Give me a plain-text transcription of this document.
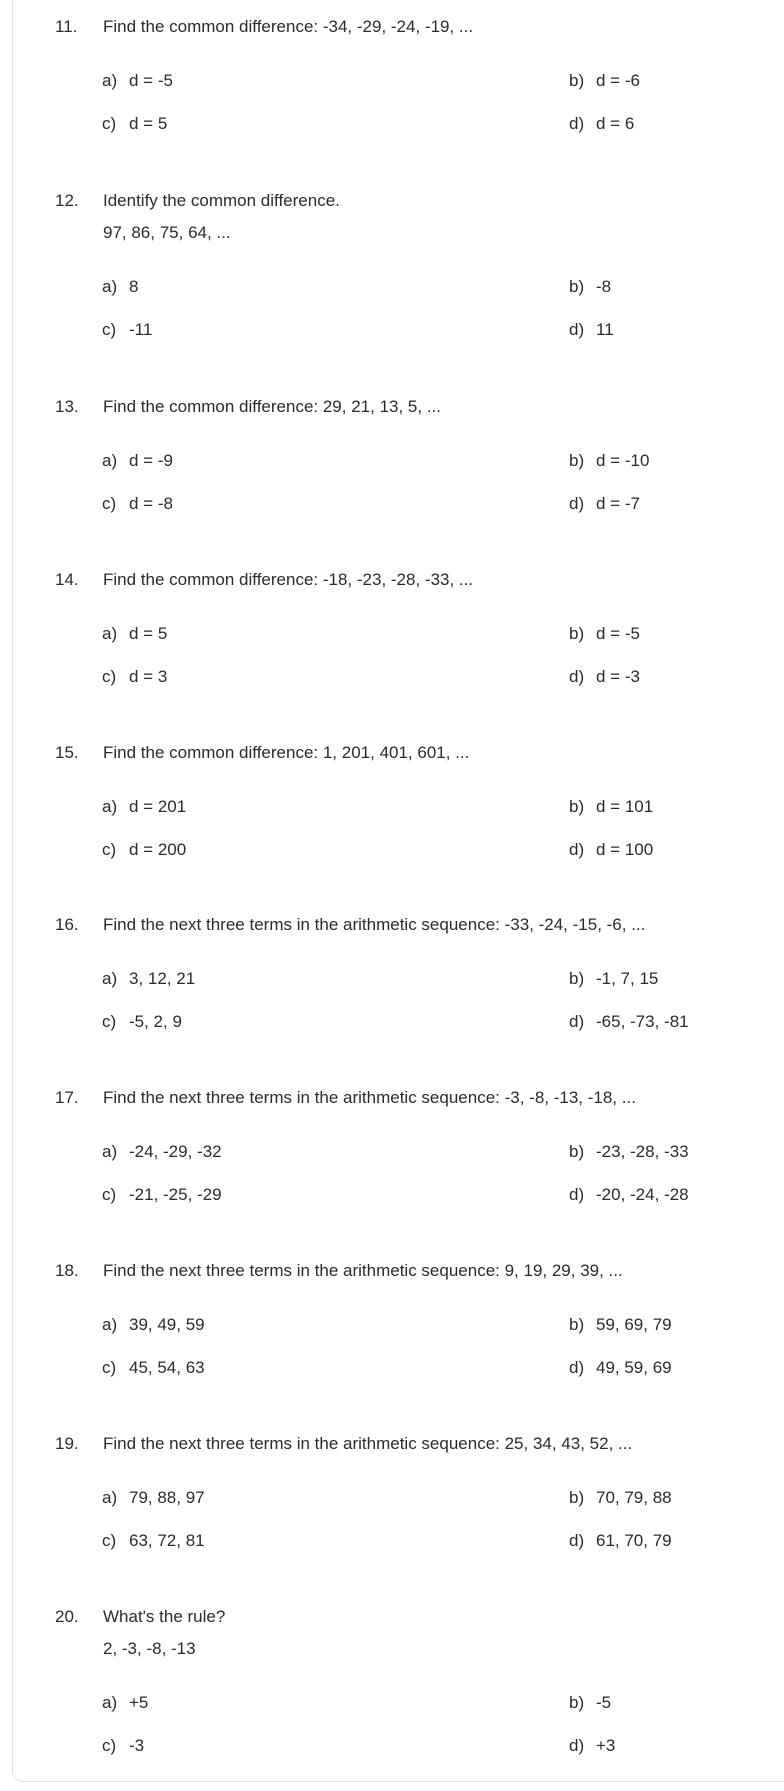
11. Find the common difference: -34, -29, -24, -19, ...
a) d = -5	b) d = -6
c) d = 5	d) d = 6
12. Identify the common difference.
97, 86, 75, 64, ...
a) 8	b) -8
c) -11	d) 11
13. Find the common difference: 29, 21, 13, 5, ...
a) d = -9	b) d = -10
c) d = -8	d) d = -7
14. Find the common difference: -18, -23, -28, -33, ...
a) d = 5	b) d = -5
c) d = 3	d) d = -3
15. Find the common difference: 1, 201, 401, 601, ...
a) d = 201	b) d = 101
c) d = 200	d) d = 100
16. Find the next three terms in the arithmetic sequence: -33, -24, -15, -6, ...
a) 3, 12, 21	b) -1, 7, 15
c) -5, 2, 9	d) -65, -73, -81
17. Find the next three terms in the arithmetic sequence: -3, -8, -13, -18, ...
a) -24, -29, -32	b) -23, -28, -33
c) -21, -25, -29	d) -20, -24, -28
18. Find the next three terms in the arithmetic sequence: 9, 19, 29, 39, ...
a) 39, 49, 59	b) 59, 69, 79
c) 45, 54, 63	d) 49, 59, 69
19. Find the next three terms in the arithmetic sequence: 25, 34, 43, 52, ...
a) 79, 88, 97	b) 70, 79, 88
c) 63, 72, 81	d) 61, 70, 79
20. What's the rule?
2, -3, -8, -13
a) +5	b) -5
c) -3	d) +3
